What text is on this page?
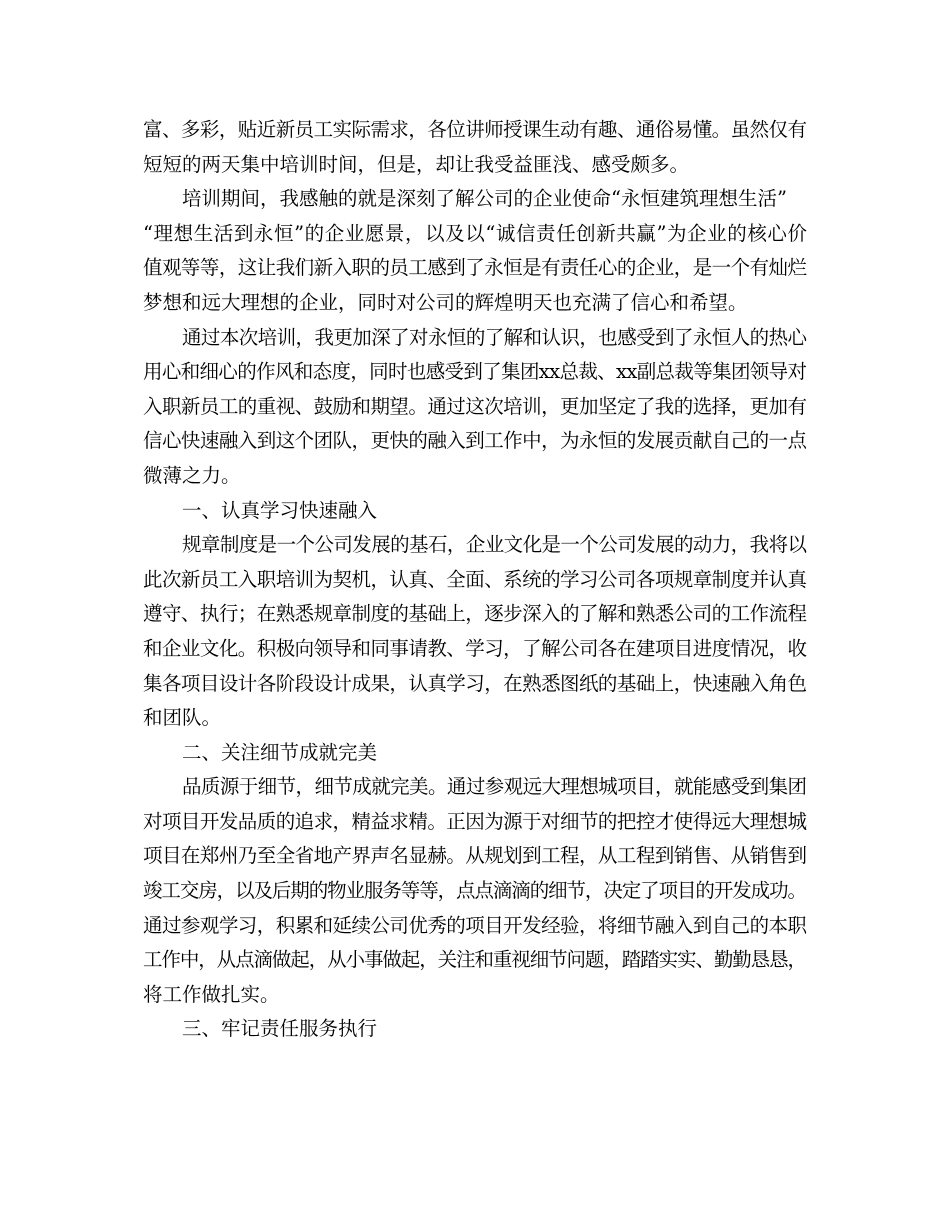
富、多彩，贴近新员工实际需求，各位讲师授课生动有趣、通俗易懂。虽然仅有
短短的两天集中培训时间，但是，却让我受益匪浅、感受颇多。
培训期间，我感触的就是深刻了解公司的企业使命“永恒建筑理想生活”
“理想生活到永恒”的企业愿景，以及以“诚信责任创新共赢”为企业的核心价
值观等等，这让我们新入职的员工感到了永恒是有责任心的企业，是一个有灿烂
梦想和远大理想的企业，同时对公司的辉煌明天也充满了信心和希望。
通过本次培训，我更加深了对永恒的了解和认识，也感受到了永恒人的热心
用心和细心的作风和态度，同时也感受到了集团xx总裁、xx副总裁等集团领导对
入职新员工的重视、鼓励和期望。通过这次培训，更加坚定了我的选择，更加有
信心快速融入到这个团队，更快的融入到工作中，为永恒的发展贡献自己的一点
微薄之力。
一、认真学习快速融入
规章制度是一个公司发展的基石，企业文化是一个公司发展的动力，我将以
此次新员工入职培训为契机，认真、全面、系统的学习公司各项规章制度并认真
遵守、执行；在熟悉规章制度的基础上，逐步深入的了解和熟悉公司的工作流程
和企业文化。积极向领导和同事请教、学习，了解公司各在建项目进度情况，收
集各项目设计各阶段设计成果，认真学习，在熟悉图纸的基础上，快速融入角色
和团队。
二、关注细节成就完美
品质源于细节，细节成就完美。通过参观远大理想城项目，就能感受到集团
对项目开发品质的追求，精益求精。正因为源于对细节的把控才使得远大理想城
项目在郑州乃至全省地产界声名显赫。从规划到工程，从工程到销售、从销售到
竣工交房，以及后期的物业服务等等，点点滴滴的细节，决定了项目的开发成功。
通过参观学习，积累和延续公司优秀的项目开发经验，将细节融入到自己的本职
工作中，从点滴做起，从小事做起，关注和重视细节问题，踏踏实实、勤勤恳恳，
将工作做扎实。
三、牢记责任服务执行
